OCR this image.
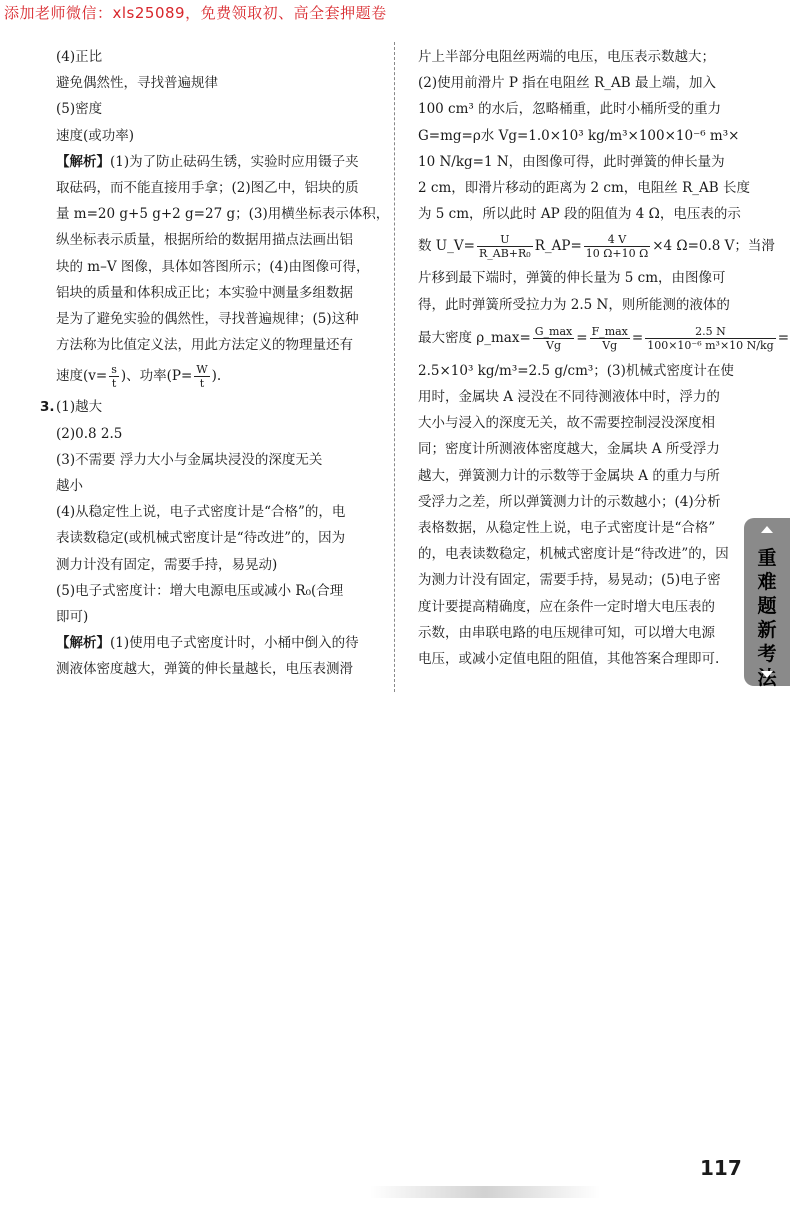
添加老师微信：xls25089，免费领取初、高全套押题卷
(4)正比
避免偶然性，寻找普遍规律
(5)密度
速度(或功率)
【解析】(1)为了防止砝码生锈，实验时应用镊子夹
取砝码，而不能直接用手拿；(2)图乙中，铝块的质
量 m=20 g+5 g+2 g=27 g；(3)用横坐标表示体积，
纵坐标表示质量，根据所给的数据用描点法画出铝
块的 m–V 图像，具体如答图所示；(4)由图像可得，
铝块的质量和体积成正比；本实验中测量多组数据
是为了避免实验的偶然性，寻找普遍规律；(5)这种
方法称为比值定义法，用此方法定义的物理量还有
速度($v= \frac{s}{t}$ )、功率($P= \frac{W}{t}$ ).
3.(1)越大
(2)0.8 2.5
(3)不需要 浮力大小与金属块浸没的深度无关
越小
(4)从稳定性上说，电子式密度计是“合格”的，电
表读数稳定(或机械式密度计是“待改进”的，因为
测力计没有固定，需要手持，易晃动)
(5)电子式密度计：增大电源电压或减小 R₀(合理
即可)
【解析】(1)使用电子式密度计时，小桶中倒入的待
测液体密度越大，弹簧的伸长量越长，电压表测滑
片上半部分电阻丝两端的电压，电压表示数越大；
(2)使用前滑片 P 指在电阻丝 R_AB 最上端，加入
100 cm³ 的水后，忽略桶重，此时小桶所受的重力
G=mg=ρ水 Vg=1.0×10³ kg/m³×100×10⁻⁶ m³×
10 N/kg=1 N，由图像可得，此时弹簧的伸长量为
2 cm，即滑片移动的距离为 2 cm，电阻丝 R_AB 长度
为 5 cm，所以此时 AP 段的阻值为 4 Ω，电压表的示
数 U_V= $\frac{U}{\text{R\_AB+R₀}}$ R_AP= $\frac{4 V}{10 \Omega+10 \Omega} \times 4$ Ω=0.8 V；当滑
片移到最下端时，弹簧的伸长量为 5 cm，由图像可
得，此时弹簧所受拉力为 2.5 N，则所能测的液体的
最大密度 ρ_max= $\frac{G\_\max}{Vg} = \frac{F\_\max}{Vg} = \frac{2.5 N}{\text{100×10⁻⁶ m³×10 N/kg}}$ =
2.5×10³ kg/m³=2.5 g/cm³；(3)机械式密度计在使
用时，金属块 A 浸没在不同待测液体中时，浮力的
大小与浸入的深度无关，故不需要控制浸没深度相
同；密度计所测液体密度越大，金属块 A 所受浮力
越大，弹簧测力计的示数等于金属块 A 的重力与所
受浮力之差，所以弹簧测力计的示数越小；(4)分析
表格数据，从稳定性上说，电子式密度计是“合格”
的，电表读数稳定，机械式密度计是“待改进”的，因
为测力计没有固定，需要手持，易晃动；(5)电子密
度计要提高精确度，应在条件一定时增大电压表的
示数，由串联电路的电压规律可知，可以增大电源
电压，或减小定值电阻的阻值，其他答案合理即可.
重难题新考法
117
